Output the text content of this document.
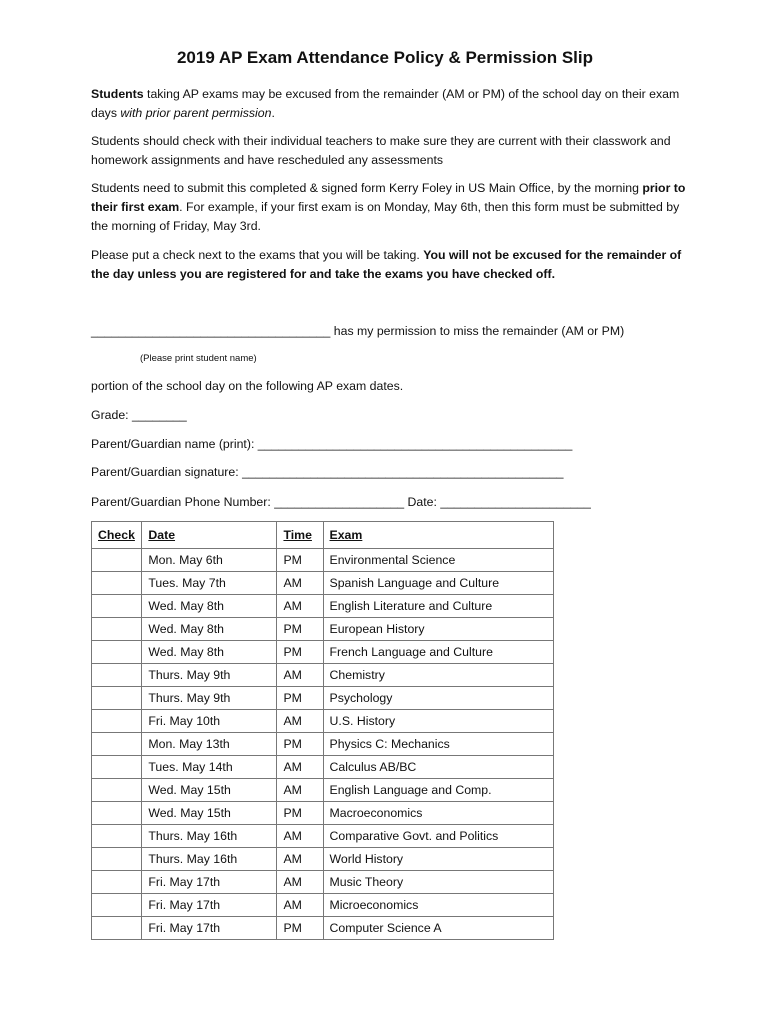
2019 AP Exam Attendance Policy & Permission Slip

Students taking AP exams may be excused from the remainder (AM or PM) of the school day on their exam days with prior parent permission.

Students should check with their individual teachers to make sure they are current with their classwork and homework assignments and have rescheduled any assessments

Students need to submit this completed & signed form Kerry Foley in US Main Office, by the morning prior to their first exam. For example, if your first exam is on Monday, May 6th, then this form must be submitted by the morning of Friday, May 3rd.

Please put a check next to the exams that you will be taking. You will not be excused for the remainder of the day unless you are registered for and take the exams you have checked off.

___________________________________ has my permission to miss the remainder (AM or PM)

(Please print student name)

portion of the school day on the following AP exam dates.

Grade: ________

Parent/Guardian name (print): ______________________________________________

Parent/Guardian signature: _______________________________________________

Parent/Guardian Phone Number: ___________________ Date: ______________________

Check	Date	Time	Exam
	Mon. May 6th	PM	Environmental Science
	Tues. May 7th	AM	Spanish Language and Culture
	Wed. May 8th	AM	English Literature and Culture
	Wed. May 8th	PM	European History
	Wed. May 8th	PM	French Language and Culture
	Thurs. May 9th	AM	Chemistry
	Thurs. May 9th	PM	Psychology
	Fri. May 10th	AM	U.S. History
	Mon. May 13th	PM	Physics C: Mechanics
	Tues. May 14th	AM	Calculus AB/BC
	Wed. May 15th	AM	English Language and Comp.
	Wed. May 15th	PM	Macroeconomics
	Thurs. May 16th	AM	Comparative Govt. and Politics
	Thurs. May 16th	AM	World History
	Fri. May 17th	AM	Music Theory
	Fri. May 17th	AM	Microeconomics
	Fri. May 17th	PM	Computer Science A
